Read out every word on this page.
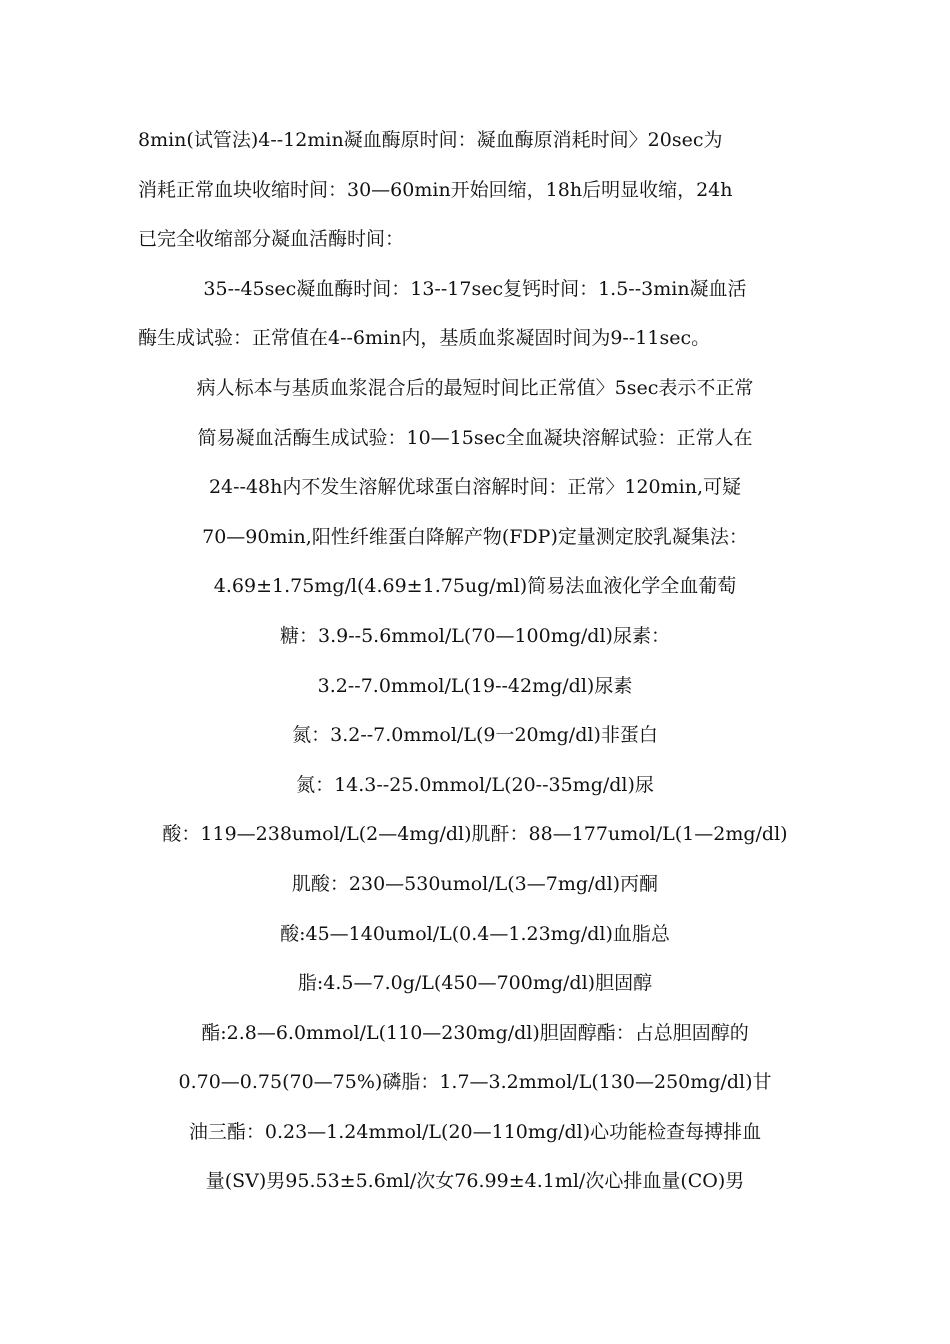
8min(试管法)4--12min凝血酶原时间：凝血酶原消耗时间〉20sec为
消耗正常血块收缩时间：30—60min开始回缩，18h后明显收缩，24h
已完全收缩部分凝血活酶时间：
35--45sec凝血酶时间：13--17sec复钙时间：1.5--3min凝血活
酶生成试验：正常值在4--6min内，基质血浆凝固时间为9--11sec。
病人标本与基质血浆混合后的最短时间比正常值〉5sec表示不正常
简易凝血活酶生成试验：10—15sec全血凝块溶解试验：正常人在
24--48h内不发生溶解优球蛋白溶解时间：正常〉120min,可疑
70—90min,阳性纤维蛋白降解产物(FDP)定量测定胶乳凝集法：
4.69±1.75mg/l(4.69±1.75ug/ml)简易法血液化学全血葡萄
糖：3.9--5.6mmol/L(70—100mg/dl)尿素：
3.2--7.0mmol/L(19--42mg/dl)尿素
氮：3.2--7.0mmol/L(9一20mg/dl)非蛋白
氮：14.3--25.0mmol/L(20--35mg/dl)尿
酸：119—238umol/L(2—4mg/dl)肌酐：88—177umol/L(1—2mg/dl)
肌酸：230—530umol/L(3—7mg/dl)丙酮
酸:45—140umol/L(0.4—1.23mg/dl)血脂总
脂:4.5—7.0g/L(450—700mg/dl)胆固醇
酯:2.8—6.0mmol/L(110—230mg/dl)胆固醇酯：占总胆固醇的
0.70—0.75(70—75%)磷脂：1.7—3.2mmol/L(130—250mg/dl)甘
油三酯：0.23—1.24mmol/L(20—110mg/dl)心功能检查每搏排血
量(SV)男95.53±5.6ml/次女76.99±4.1ml/次心排血量(CO)男
